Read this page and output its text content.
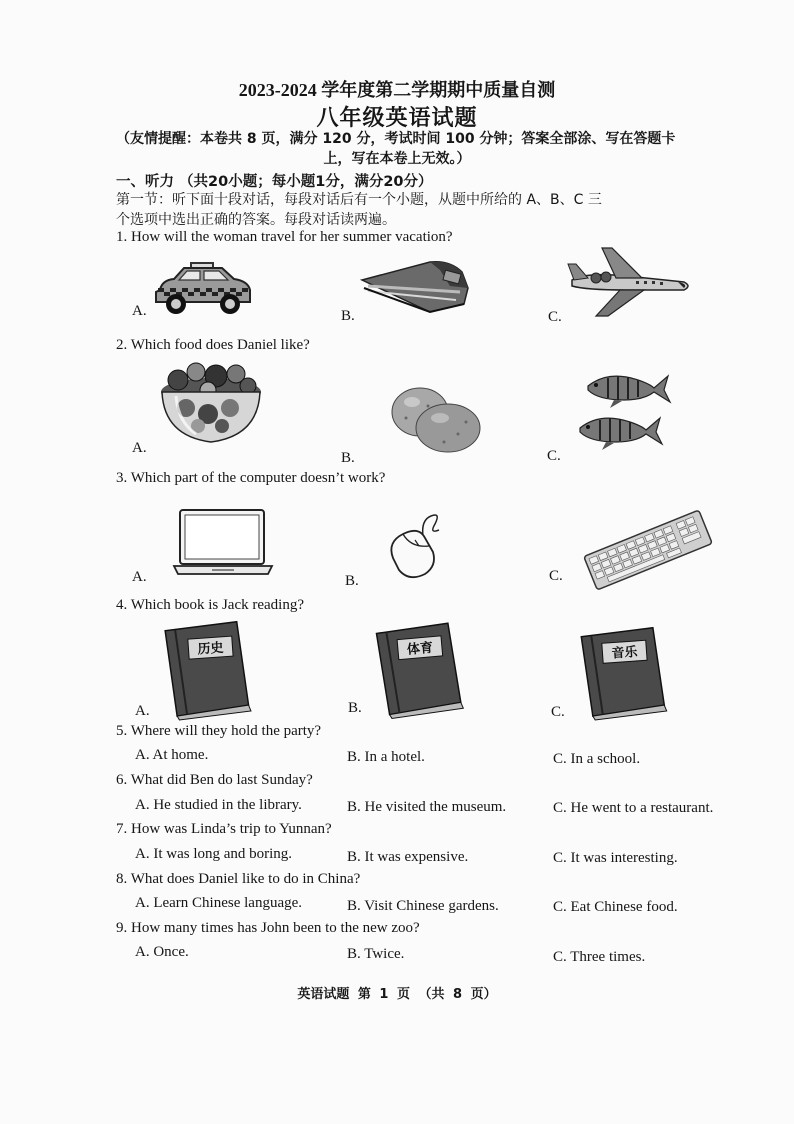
2023-2024 学年度第二学期期中质量自测
八年级英语试题
（友情提醒：本卷共 8 页，满分 120 分，考试时间 100 分钟；答案全部涂、写在答题卡
上，写在本卷上无效。）
一、听力 （共20小题；每小题1分，满分20分）
第一节：听下面十段对话，每段对话后有一个小题，从题中所给的 A、B、C 三
个选项中选出正确的答案。每段对话读两遍。
1. How will the woman travel for her summer vacation?
A.	B.	C.
2. Which food does Daniel like?
A.
B.	C.
3. Which part of the computer doesn’t work?
A.	B.	C.
4. Which book is Jack reading?
A.	B.	C.
历史	体育	音乐
5. Where will they hold the party?
A. At home.	B. In a hotel.	C. In a school.
6. What did Ben do last Sunday?
A. He studied in the library.	B. He visited the museum.	C. He went to a restaurant.
7. How was Linda’s trip to Yunnan?
A. It was long and boring.	B. It was expensive.	C. It was interesting.
8. What does Daniel like to do in China?
A. Learn Chinese language.	B. Visit Chinese gardens.	C. Eat Chinese food.
9. How many times has John been to the new zoo?
A. Once.	B. Twice.	C. Three times.
英语试题 第 1 页 （共 8 页）
